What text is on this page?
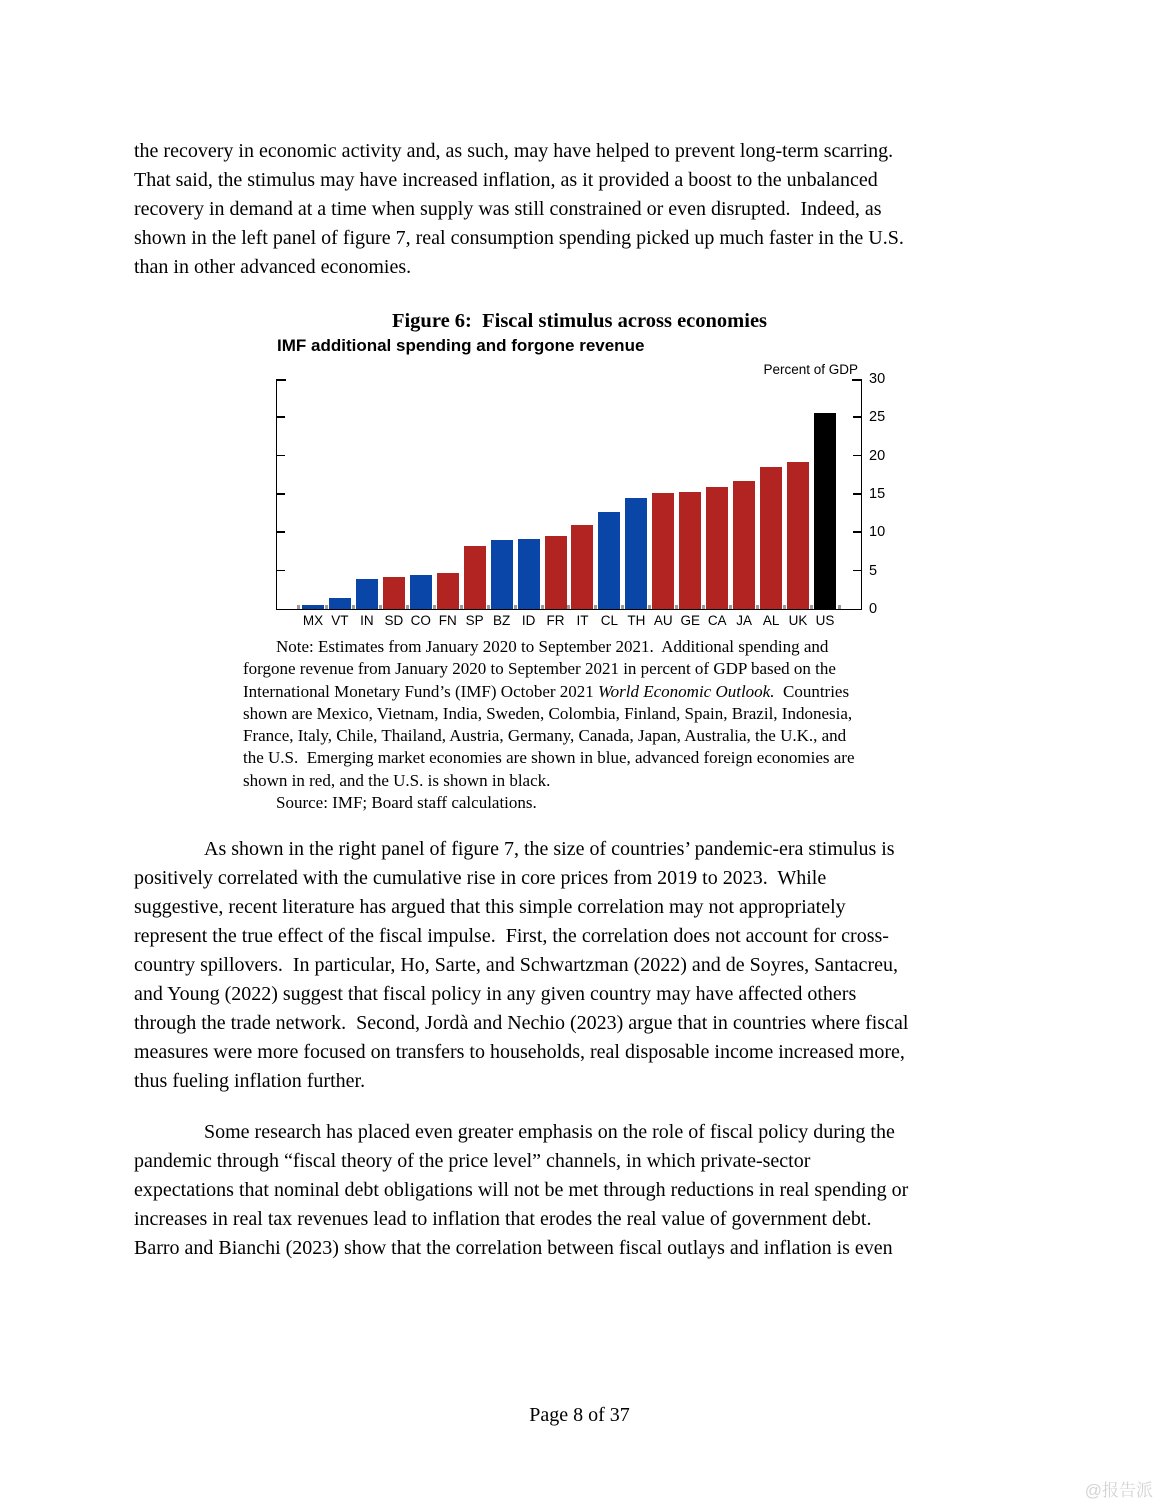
the recovery in economic activity and, as such, may have helped to prevent long-term scarring.
That said, the stimulus may have increased inflation, as it provided a boost to the unbalanced
recovery in demand at a time when supply was still constrained or even disrupted.  Indeed, as
shown in the left panel of figure 7, real consumption spending picked up much faster in the U.S.
than in other advanced economies.
Figure 6:  Fiscal stimulus across economies
IMF additional spending and forgone revenue
Percent of GDP
0
5
10
15
20
25
30
MX VT IN SD CO FN SP BZ ID FR IT CL TH AU GE CA JA AL UK US
Note: Estimates from January 2020 to September 2021.  Additional spending and
forgone revenue from January 2020 to September 2021 in percent of GDP based on the
International Monetary Fund’s (IMF) October 2021 World Economic Outlook.  Countries
shown are Mexico, Vietnam, India, Sweden, Colombia, Finland, Spain, Brazil, Indonesia,
France, Italy, Chile, Thailand, Austria, Germany, Canada, Japan, Australia, the U.K., and
the U.S.  Emerging market economies are shown in blue, advanced foreign economies are
shown in red, and the U.S. is shown in black.
Source: IMF; Board staff calculations.
As shown in the right panel of figure 7, the size of countries’ pandemic-era stimulus is
positively correlated with the cumulative rise in core prices from 2019 to 2023.  While
suggestive, recent literature has argued that this simple correlation may not appropriately
represent the true effect of the fiscal impulse.  First, the correlation does not account for cross-
country spillovers.  In particular, Ho, Sarte, and Schwartzman (2022) and de Soyres, Santacreu,
and Young (2022) suggest that fiscal policy in any given country may have affected others
through the trade network.  Second, Jordà and Nechio (2023) argue that in countries where fiscal
measures were more focused on transfers to households, real disposable income increased more,
thus fueling inflation further.
Some research has placed even greater emphasis on the role of fiscal policy during the
pandemic through “fiscal theory of the price level” channels, in which private-sector
expectations that nominal debt obligations will not be met through reductions in real spending or
increases in real tax revenues lead to inflation that erodes the real value of government debt.
Barro and Bianchi (2023) show that the correlation between fiscal outlays and inflation is even
Page 8 of 37
@报告派
